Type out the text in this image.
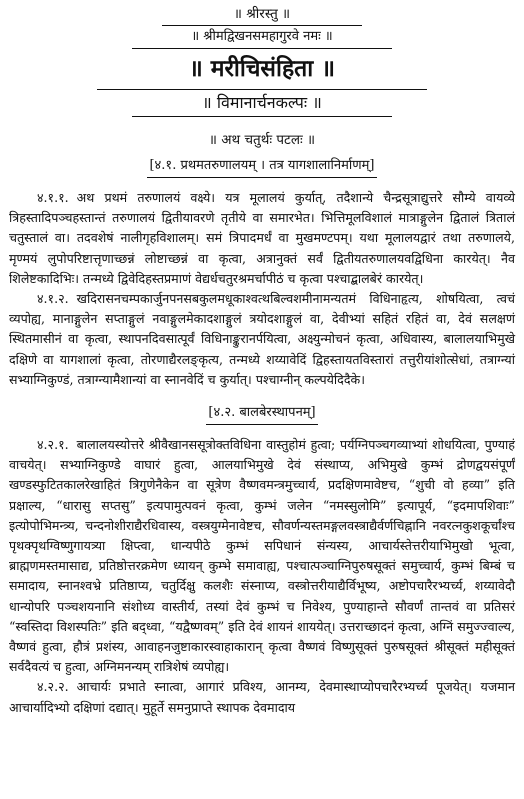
॥ श्रीरस्तु ॥
॥ श्रीमद्विखनसमहागुरवे नमः ॥
॥ मरीचिसंहिता ॥
॥ विमानार्चनकल्पः ॥
॥ अथ चतुर्थः पटलः ॥
[४.१. प्रथमतरुणालयम् । तत्र यागशालानिर्माणम्]

४.१.१. अथ प्रथमं तरुणालयं वक्ष्ये। यत्र मूलालयं कुर्यात्, तदैशान्ये चैन्द्रसूत्राद्युत्तरे सौम्ये वायव्ये त्रिहस्तादिपञ्चहस्तान्तं तरुणालयं द्वितीयावरणे तृतीये वा समारभेत। भित्तिमूलविशालं मात्राङ्गुलेन द्वितालं त्रितालं चतुस्तालं वा। तदवशेषं नालीगृहविशालम्। समं त्रिपादमर्धं वा मुखमण्टपम्। यथा मूलालयद्वारं तथा तरुणालये, मृण्मयं लुपोपरिष्टात्तृणाच्छन्नं लोष्टाच्छन्नं वा कृत्वा, अत्रानुक्तं सर्वं द्वितीयतरुणालयवद्विधिना कारयेत्। नैव शिलेष्टकादिभिः। तन्मध्ये द्विवेदिहस्तप्रमाणं वेद्यर्धचतुरश्रमर्चापीठं च कृत्वा पश्चाद्बालबेरं कारयेत्।

४.१.२. खदिरासनचम्पकार्जुनपनसबकुलमधूकाश्वत्थबिल्वशमीनामन्यतमं विधिनाहृत्य, शोषयित्वा, त्वचं व्यपोह्य, मानाङ्गुलेन सप्ताङ्गुलं नवाङ्गुलमेकादशाङ्गुलं त्रयोदशाङ्गुलं वा, देवीभ्यां सहितं रहितं वा, देवं सलक्षणं स्थितमासीनं वा कृत्वा, स्थापनदिवसात्पूर्वं विधिनाङ्कुरानर्पयित्वा, अक्ष्युन्मोचनं कृत्वा, अधिवास्य, बालालयाभिमुखे दक्षिणे वा यागशालां कृत्वा, तोरणाद्यैरलङ्कृत्य, तन्मध्ये शय्यावेदिं द्विहस्तायतविस्तारां तत्तुरीयांशोत्सेधां, तत्राग्न्यां सभ्याग्निकुण्डं, तत्राग्न्यामैशान्यां वा स्नानवेदिं च कुर्यात्। पश्चाग्नीन् कल्पयेदिदैके।

[४.२. बालबेरस्थापनम्]

४.२.१. बालालयस्योत्तरे श्रीवैखानससूत्रोक्तविधिना वास्तुहोमं हुत्वा; पर्यग्निपञ्चगव्याभ्यां शोधयित्वा, पुण्याहं वाचयेत्। सभ्याग्निकुण्डे वाघारं हुत्वा, आलयाभिमुखे देवं संस्थाप्य, अभिमुखे कुम्भं द्रोणद्वयसंपूर्णं खण्डस्फुटितकालरेखाहितं त्रिगुणेनैकेन वा सूत्रेण वैष्णवमन्त्रमुच्चार्य, प्रदक्षिणमावेष्टच, “शुची वो हव्या” इति प्रक्षाल्य, “धारासु सप्तसु” इत्यपामुत्पवनं कृत्वा, कुम्भं जलेन “नमस्सुलोमि” इत्यापूर्य, “इदमापशिवाः” इत्योपोभिमन्त्र्य, चन्दनोशीराद्यैरधिवास्य, वस्त्रयुग्मेनावेष्टच, सौवर्णन्यस्तमङ्गलवस्त्राद्यैर्वर्णचिह्नानि नवरत्नकुशकूर्चांश्च पृथक्पृथग्विष्णुगायत्र्या क्षिप्त्वा, धान्यपीठे कुम्भं सपिधानं संन्यस्य, आचार्यस्तेत्तरीयाभिमुखो भूत्वा, ब्राह्मणमस्तमासाद्य, प्रतिष्ठोत्तरक्रमेण ध्यायन् कुम्भे समावाह्य, पश्चात्पञ्चाग्निपुरुषसूक्तं समुच्चार्य, कुम्भं बिम्बं च समादाय, स्नानश्वभ्रे प्रतिष्ठाप्य, चतुर्दिक्षु कलशैः संस्नाप्य, वस्त्रोत्तरीयाद्यैर्विभूष्य, अष्टोपचारैरभ्यर्च्य, शय्यावेदौ धान्योपरि पञ्चशयनानि संशोध्य वास्तीर्य, तस्यां देवं कुम्भं च निवेश्य, पुण्याहान्ते सौवर्णं तान्तवं वा प्रतिसरं “स्वस्तिदा विशस्पतिः” इति बद्ध्वा, “यद्वैष्णवम्” इति देवं शायनं शाययेत्। उत्तराच्छादनं कृत्वा, अग्निं समुज्ज्वाल्य, वैष्णवं हुत्वा, हौत्रं प्रशंस्य, आवाहनजुष्टाकारस्वाहाकारान् कृत्वा वैष्णवं विष्णुसूक्तं पुरुषसूक्तं श्रीसूक्तं महीसूक्तं सर्वदैवत्यं च हुत्वा, अग्निमनन्यम् रात्रिशेषं व्यपोह्य।

४.२.२. आचार्यः प्रभाते स्नात्वा, आगारं प्रविश्य, आनम्य, देवमास्थाप्योपचारैरभ्यर्च्य पूजयेत्। यजमान आचार्यादिभ्यो दक्षिणां दद्यात्। मुहूर्ते समनुप्राप्ते स्थापक देवमादाय
